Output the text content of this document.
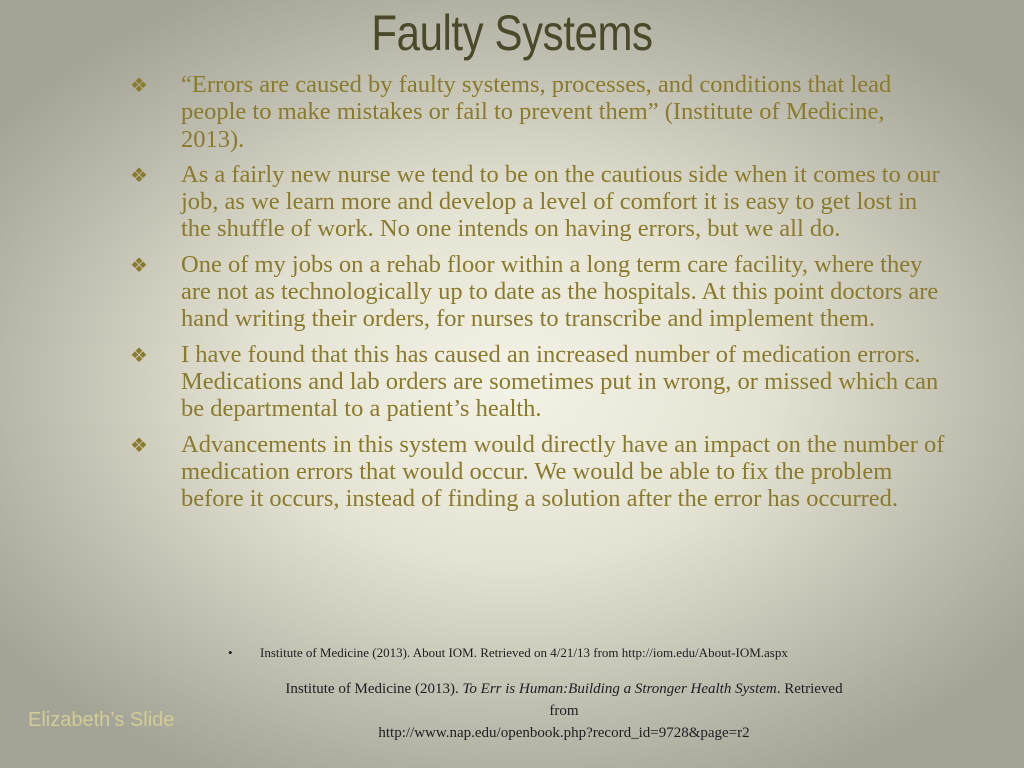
Faulty Systems
❖ “Errors are caused by faulty systems, processes, and conditions that lead people to make mistakes or fail to prevent them” (Institute of Medicine, 2013).
❖ As a fairly new nurse we tend to be on the cautious side when it comes to our job, as we learn more and develop a level of comfort it is easy to get lost in the shuffle of work. No one intends on having errors, but we all do.
❖ One of my jobs on a rehab floor within a long term care facility, where they are not as technologically up to date as the hospitals. At this point doctors are hand writing their orders, for nurses to transcribe and implement them.
❖ I have found that this has caused an increased number of medication errors. Medications and lab orders are sometimes put in wrong, or missed which can be departmental to a patient’s health.
❖ Advancements in this system would directly have an impact on the number of medication errors that would occur. We would be able to fix the problem before it occurs, instead of finding a solution after the error has occurred.
• Institute of Medicine (2013). About IOM. Retrieved on 4/21/13 from http://iom.edu/About-IOM.aspx
Institute of Medicine (2013). To Err is Human:Building a Stronger Health System. Retrieved from
http://www.nap.edu/openbook.php?record_id=9728&page=r2
Elizabeth’s Slide
